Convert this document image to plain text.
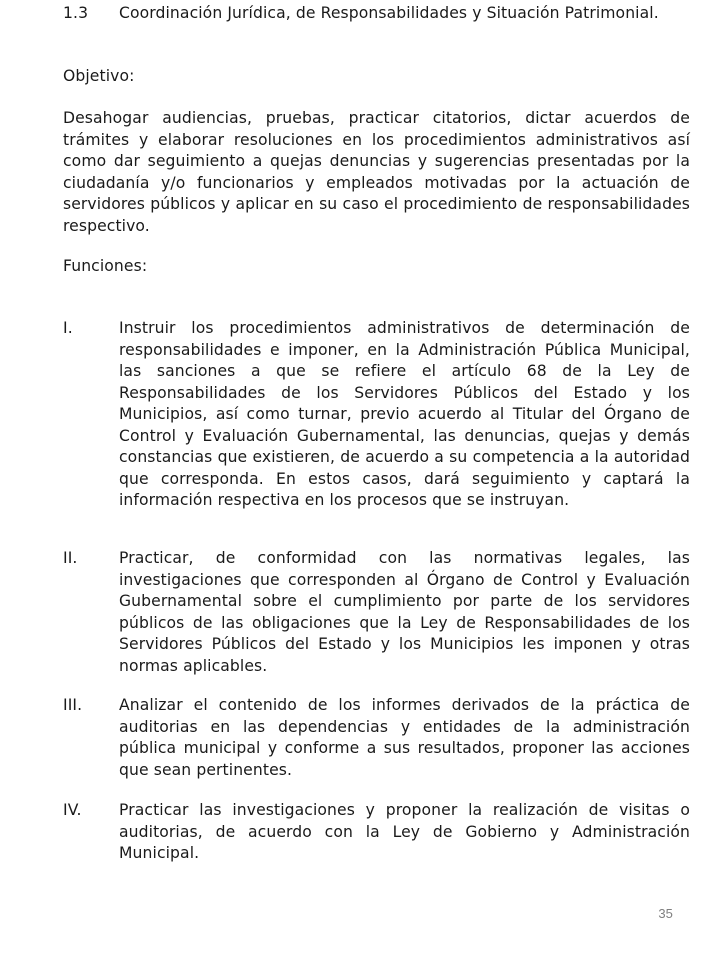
1.3 Coordinación Jurídica, de Responsabilidades y Situación Patrimonial.

Objetivo:

Desahogar audiencias, pruebas, practicar citatorios, dictar acuerdos de trámites y elaborar resoluciones en los procedimientos administrativos así como dar seguimiento a quejas denuncias y sugerencias presentadas por la ciudadanía y/o funcionarios y empleados motivadas por la actuación de servidores públicos y aplicar en su caso el procedimiento de responsabilidades respectivo.

Funciones:
I.	Instruir los procedimientos administrativos de determinación de responsabilidades e imponer, en la Administración Pública Municipal, las sanciones a que se refiere el artículo 68 de la Ley de Responsabilidades de los Servidores Públicos del Estado y los Municipios, así como turnar, previo acuerdo al Titular del Órgano de Control y Evaluación Gubernamental, las denuncias, quejas y demás constancias que existieren, de acuerdo a su competencia a la autoridad que corresponda. En estos casos, dará seguimiento y captará la información respectiva en los procesos que se instruyan.

II.	Practicar, de conformidad con las normativas legales, las investigaciones que corresponden al Órgano de Control y Evaluación Gubernamental sobre el cumplimiento por parte de los servidores públicos de las obligaciones que la Ley de Responsabilidades de los Servidores Públicos del Estado y los Municipios les imponen y otras normas aplicables.

III. Analizar el contenido de los informes derivados de la práctica de auditorias en las dependencias y entidades de la administración pública municipal y conforme a sus resultados, proponer las acciones que sean pertinentes.

IV. Practicar las investigaciones y proponer la realización de visitas o auditorias, de acuerdo con la Ley de Gobierno y Administración Municipal.

35
